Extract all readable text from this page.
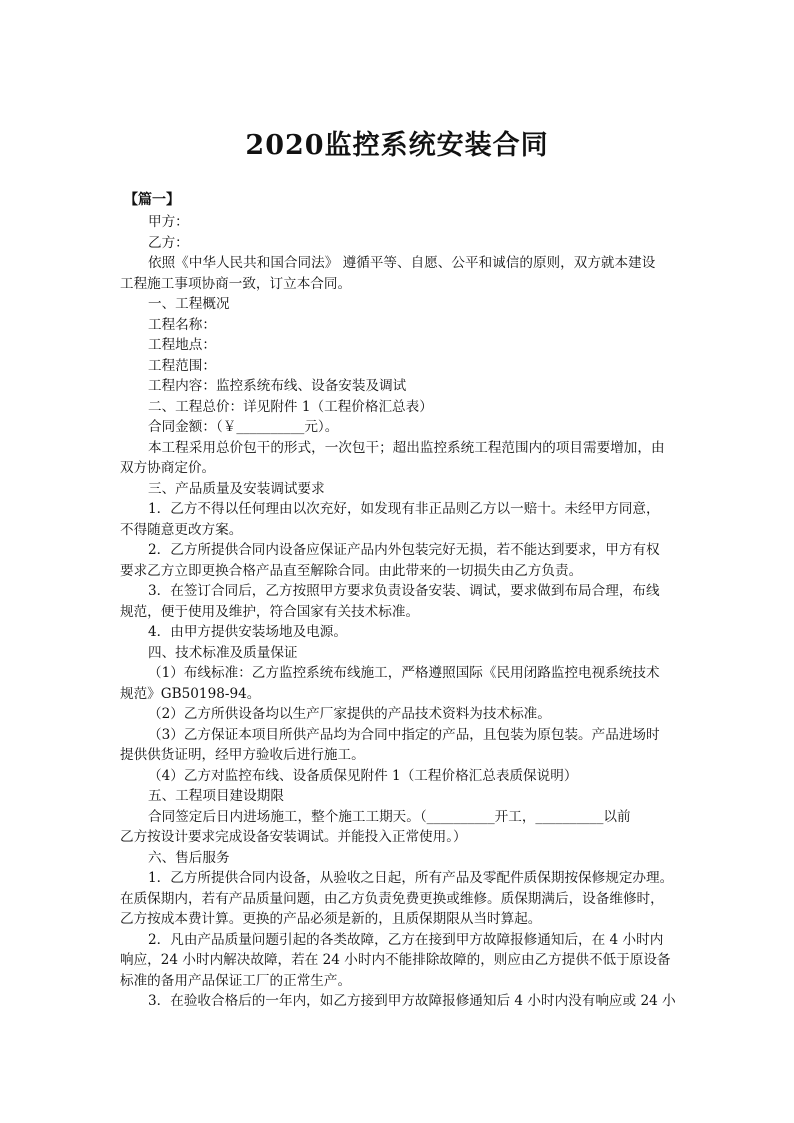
2020监控系统安装合同
【篇一】

甲方：

乙方：

依照《中华人民共和国合同法》 遵循平等、自愿、公平和诚信的原则，双方就本建设

工程施工事项协商一致，订立本合同。

一、工程概况

工程名称：

工程地点：

工程范围：

工程内容：监控系统布线、设备安装及调试

二、工程总价：详见附件 1（工程价格汇总表）

合同金额：（￥__________元）。

本工程采用总价包干的形式，一次包干；超出监控系统工程范围内的项目需要增加，由

双方协商定价。

三、产品质量及安装调试要求

1．乙方不得以任何理由以次充好，如发现有非正品则乙方以一赔十。未经甲方同意，

不得随意更改方案。

2．乙方所提供合同内设备应保证产品内外包装完好无损，若不能达到要求，甲方有权

要求乙方立即更换合格产品直至解除合同。由此带来的一切损失由乙方负责。

3．在签订合同后，乙方按照甲方要求负责设备安装、调试，要求做到布局合理，布线

规范，便于使用及维护，符合国家有关技术标准。

4．由甲方提供安装场地及电源。

四、技术标准及质量保证

（1）布线标准：乙方监控系统布线施工，严格遵照国际《民用闭路监控电视系统技术

规范》GB50198-94。

（2）乙方所供设备均以生产厂家提供的产品技术资料为技术标准。

（3）乙方保证本项目所供产品均为合同中指定的产品，且包装为原包装。产品进场时

提供供货证明，经甲方验收后进行施工。

（4）乙方对监控布线、设备质保见附件 1（工程价格汇总表质保说明）

五、工程项目建设期限

合同签定后日内进场施工，整个施工工期天。（__________开工，__________以前

乙方按设计要求完成设备安装调试。并能投入正常使用。）

六、售后服务

1．乙方所提供合同内设备，从验收之日起，所有产品及零配件质保期按保修规定办理。

在质保期内，若有产品质量问题，由乙方负责免费更换或维修。质保期满后，设备维修时，

乙方按成本费计算。更换的产品必须是新的，且质保期限从当时算起。

2．凡由产品质量问题引起的各类故障，乙方在接到甲方故障报修通知后，在 4 小时内

响应，24 小时内解决故障，若在 24 小时内不能排除故障的，则应由乙方提供不低于原设备

标准的备用产品保证工厂的正常生产。

3．在验收合格后的一年内，如乙方接到甲方故障报修通知后 4 小时内没有响应或 24 小
